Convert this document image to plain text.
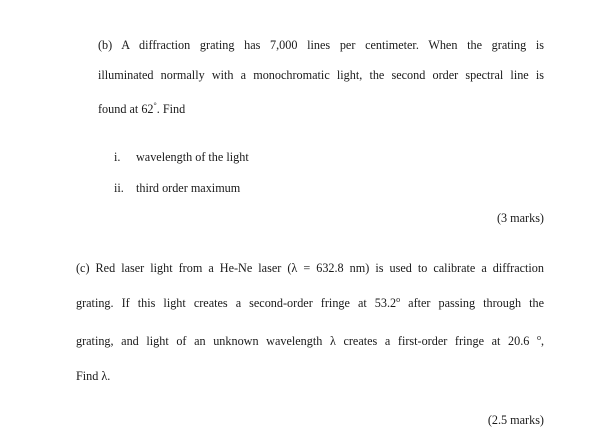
(b) A diffraction grating has 7,000 lines per centimeter. When the grating is
illuminated normally with a monochromatic light, the second order spectral line is
found at 62°. Find
i. wavelength of the light
ii. third order maximum
(3 marks)
(c) Red laser light from a He-Ne laser (λ = 632.8 nm) is used to calibrate a diffraction
grating. If this light creates a second-order fringe at 53.2$^o$ after passing through the
grating, and light of an unknown wavelength λ creates a first-order fringe at 20.6 $^o$,
Find λ.
(2.5 marks)
